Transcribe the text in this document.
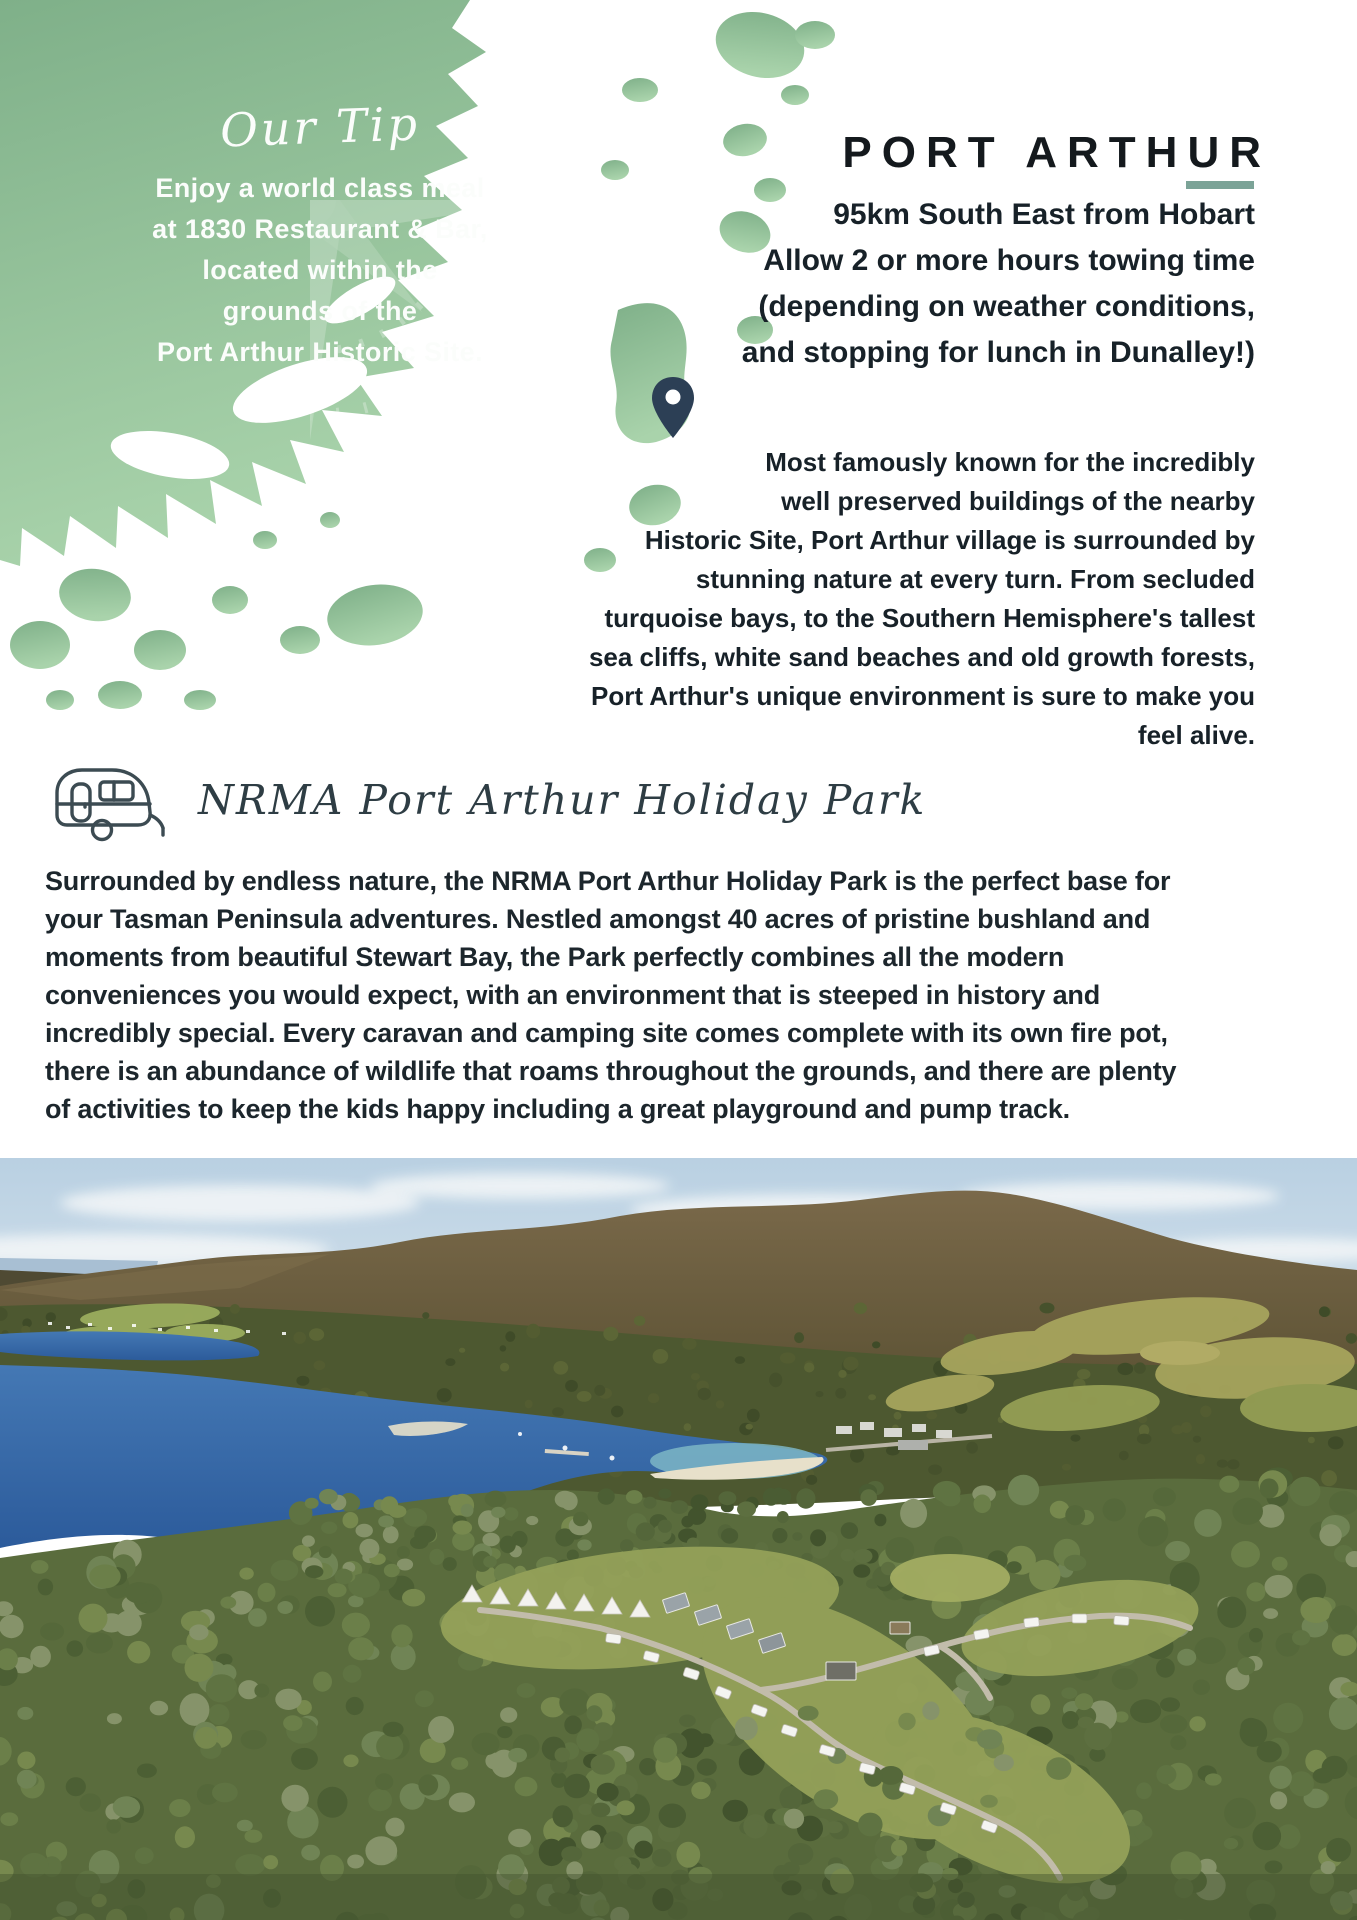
Our Tip
Enjoy a world class meal
at 1830 Restaurant & Bar,
located within the
grounds of the
Port Arthur Historic Site.
PORT ARTHUR
95km South East from Hobart
Allow 2 or more hours towing time
(depending on weather conditions,
and stopping for lunch in Dunalley!)
Most famously known for the incredibly
well preserved buildings of the nearby
Historic Site, Port Arthur village is surrounded by
stunning nature at every turn. From secluded
turquoise bays, to the Southern Hemisphere's tallest
sea cliffs, white sand beaches and old growth forests,
Port Arthur's unique environment is sure to make you
feel alive.
NRMA Port Arthur Holiday Park
Surrounded by endless nature, the NRMA Port Arthur Holiday Park is the perfect base for
your Tasman Peninsula adventures. Nestled amongst 40 acres of pristine bushland and
moments from beautiful Stewart Bay, the Park perfectly combines all the modern
conveniences you would expect, with an environment that is steeped in history and
incredibly special. Every caravan and camping site comes complete with its own fire pot,
there is an abundance of wildlife that roams throughout the grounds, and there are plenty
of activities to keep the kids happy including a great playground and pump track.
